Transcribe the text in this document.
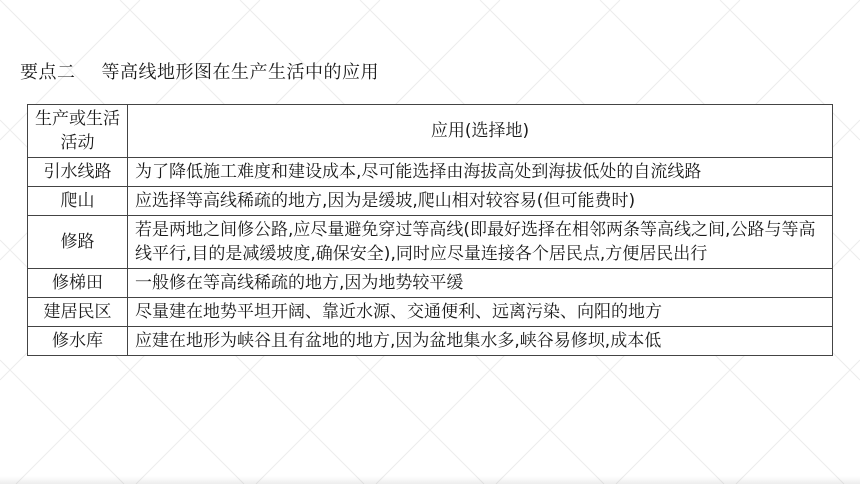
要点二 等高线地形图在生产生活中的应用
生产或生活活动	应用(选择地)
引水线路	为了降低施工难度和建设成本,尽可能选择由海拔高处到海拔低处的自流线路
爬山	应选择等高线稀疏的地方,因为是缓坡,爬山相对较容易(但可能费时)
修路	若是两地之间修公路,应尽量避免穿过等高线(即最好选择在相邻两条等高线之间,公路与等高线平行,目的是减缓坡度,确保安全),同时应尽量连接各个居民点,方便居民出行
修梯田	一般修在等高线稀疏的地方,因为地势较平缓
建居民区	尽量建在地势平坦开阔、靠近水源、交通便利、远离污染、向阳的地方
修水库	应建在地形为峡谷且有盆地的地方,因为盆地集水多,峡谷易修坝,成本低
